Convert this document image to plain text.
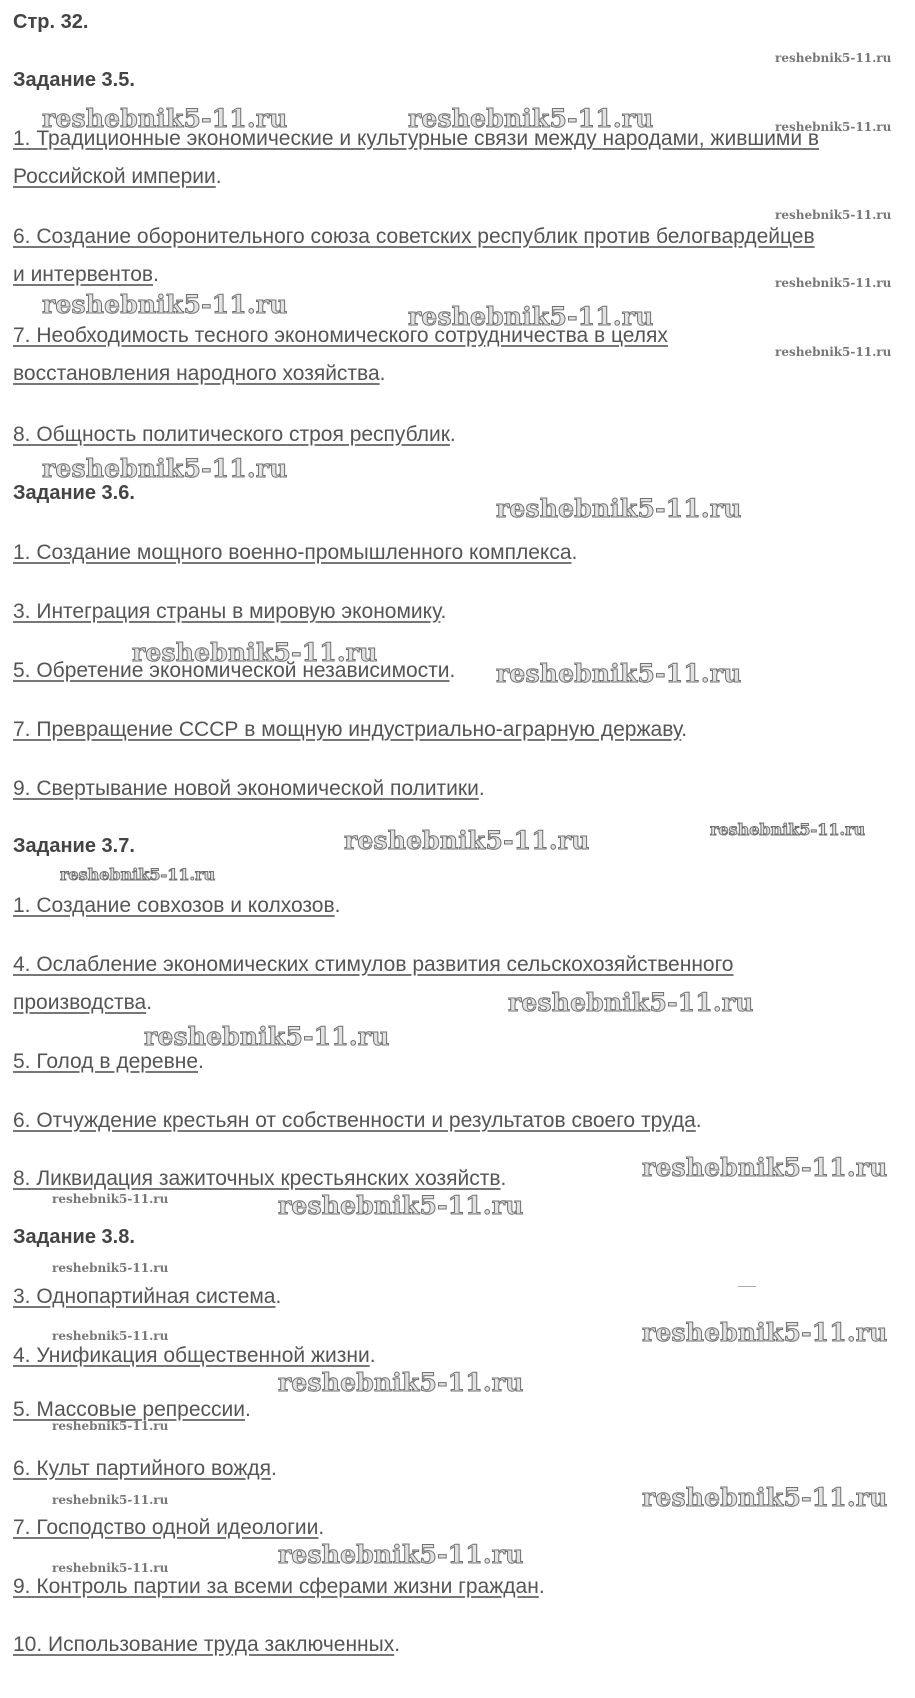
Стр. 32.
Задание 3.5.
1. Традиционные экономические и культурные связи между народами, жившими в
Российской империи.
6. Создание оборонительного союза советских республик против белогвардейцев
и интервентов.
7. Необходимость тесного экономического сотрудничества в целях
восстановления народного хозяйства.
8. Общность политического строя республик.
Задание 3.6.
1. Создание мощного военно-промышленного комплекса.
3. Интеграция страны в мировую экономику.
5. Обретение экономической независимости.
7. Превращение СССР в мощную индустриально-аграрную державу.
9. Свертывание новой экономической политики.
Задание 3.7.
1. Создание совхозов и колхозов.
4. Ослабление экономических стимулов развития сельскохозяйственного
производства.
5. Голод в деревне.
6. Отчуждение крестьян от собственности и результатов своего труда.
8. Ликвидация зажиточных крестьянских хозяйств.
Задание 3.8.
3. Однопартийная система.
4. Унификация общественной жизни.
5. Массовые репрессии.
6. Культ партийного вождя.
7. Господство одной идеологии.
9. Контроль партии за всеми сферами жизни граждан.
10. Использование труда заключенных.
reshebnik5-11.ru	reshebnik5-11.ru
reshebnik5-11.ru	reshebnik5-11.ru
reshebnik5-11.ru
reshebnik5-11.ru
reshebnik5-11.ru
reshebnik5-11.ru
reshebnik5-11.ru
reshebnik5-11.ru
reshebnik5-11.ru
reshebnik5-11.ru
reshebnik5-11.ru
reshebnik5-11.ru
reshebnik5-11.ru
reshebnik5-11.ru
reshebnik5-11.ru
reshebnik5-11.ru
reshebnik5-11.ru
reshebnik5-11.ru
reshebnik5-11.ru
reshebnik5-11.ru
reshebnik5-11.ru
reshebnik5-11.ru
reshebnik5-11.ru
reshebnik5-11.ru
reshebnik5-11.ru
reshebnik5-11.ru
reshebnik5-11.ru
reshebnik5-11.ru
